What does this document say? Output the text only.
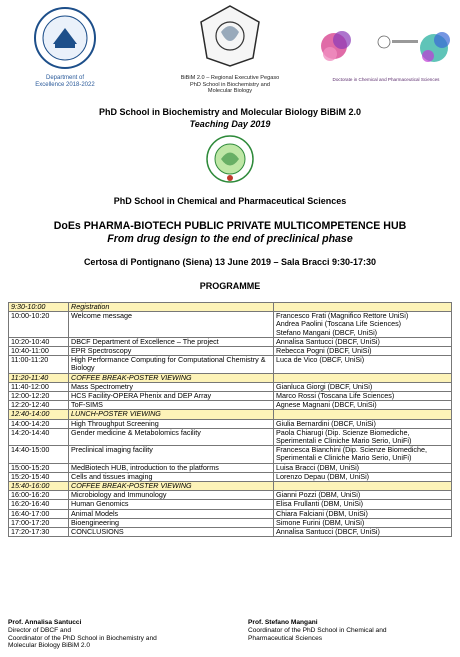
Department of
Excellence 2018-2022
BiBiM 2.0 – Regional Executive Pegaso
PhD School in Biochemistry and
Molecular Biology
Doctorate in Chemical and Pharmaceutical Sciences
PhD School in Biochemistry and Molecular Biology BiBiM 2.0
Teaching Day 2019
PhD School in Chemical and Pharmaceutical Sciences
DoEs PHARMA-BIOTECH PUBLIC PRIVATE MULTICOMPETENCE HUB
From drug design to the end of preclinical phase
Certosa di Pontignano (Siena) 13 June 2019 – Sala Bracci 9:30-17:30
PROGRAMME
9:30-10:00	Registration	
10:00-10:20	Welcome message	Francesco Frati (Magnifico Rettore UniSi)
Andrea Paolini (Toscana Life Sciences)
Stefano Mangani (DBCF, UniSi)

10:20-10:40	DBCF Department of Excellence – The project	Annalisa Santucci (DBCF, UniSi)

10:40-11:00	EPR Spectroscopy	Rebecca Pogni (DBCF, UniSi)

11:00-11:20	High Performance Computing for Computational Chemistry & Biology	Luca de Vico (DBCF, UniSi)

11:20-11:40	COFFEE BREAK-POSTER VIEWING	
11:40-12:00	Mass Spectrometry	Gianluca Giorgi (DBCF, UniSi)

12:00-12:20	HCS Facility-OPERA Phenix and DEP Array	Marco Rossi (Toscana Life Sciences)

12:20-12:40	ToF-SIMS	Agnese Magnani (DBCF, UniSi)

12:40-14:00	LUNCH-POSTER VIEWING	
14:00-14:20	High Throughput Screening	Giulia Bernardini (DBCF, UniSi)

14:20-14:40	Gender medicine & Metabolomics facility	Paola Chiarugi (Dip. Scienze Biomediche, Sperimentali e Cliniche Mario Serio, UniFi)

14:40-15:00	Preclinical imaging facility	Francesca Bianchini (Dip. Scienze Biomediche, Sperimentali e Cliniche Mario Serio, UniFi)

15:00-15:20	MedBiotech HUB, introduction to the platforms	Luisa Bracci (DBM, UniSi)

15:20-15:40	Cells and tissues imaging	Lorenzo Depau (DBM, UniSi)

15:40-16:00	COFFEE BREAK-POSTER VIEWING	
16:00-16:20	Microbiology and Immunology	Gianni Pozzi (DBM, UniSi)

16:20-16:40	Human Genomics	Elisa Frullanti (DBM, UniSi)

16:40-17:00	Animal Models	Chiara Falciani (DBM, UniSi)

17:00-17:20	Bioengineering	Simone Furini (DBM, UniSi)

17:20-17:30	CONCLUSIONS	Annalisa Santucci (DBCF, UniSi)
Prof. Annalisa Santucci
Director of DBCF and
Coordinator of the PhD School in Biochemistry and
Molecular Biology BiBiM 2.0
Prof. Stefano Mangani
Coordinator of the PhD School in Chemical and
Pharmaceutical Sciences
